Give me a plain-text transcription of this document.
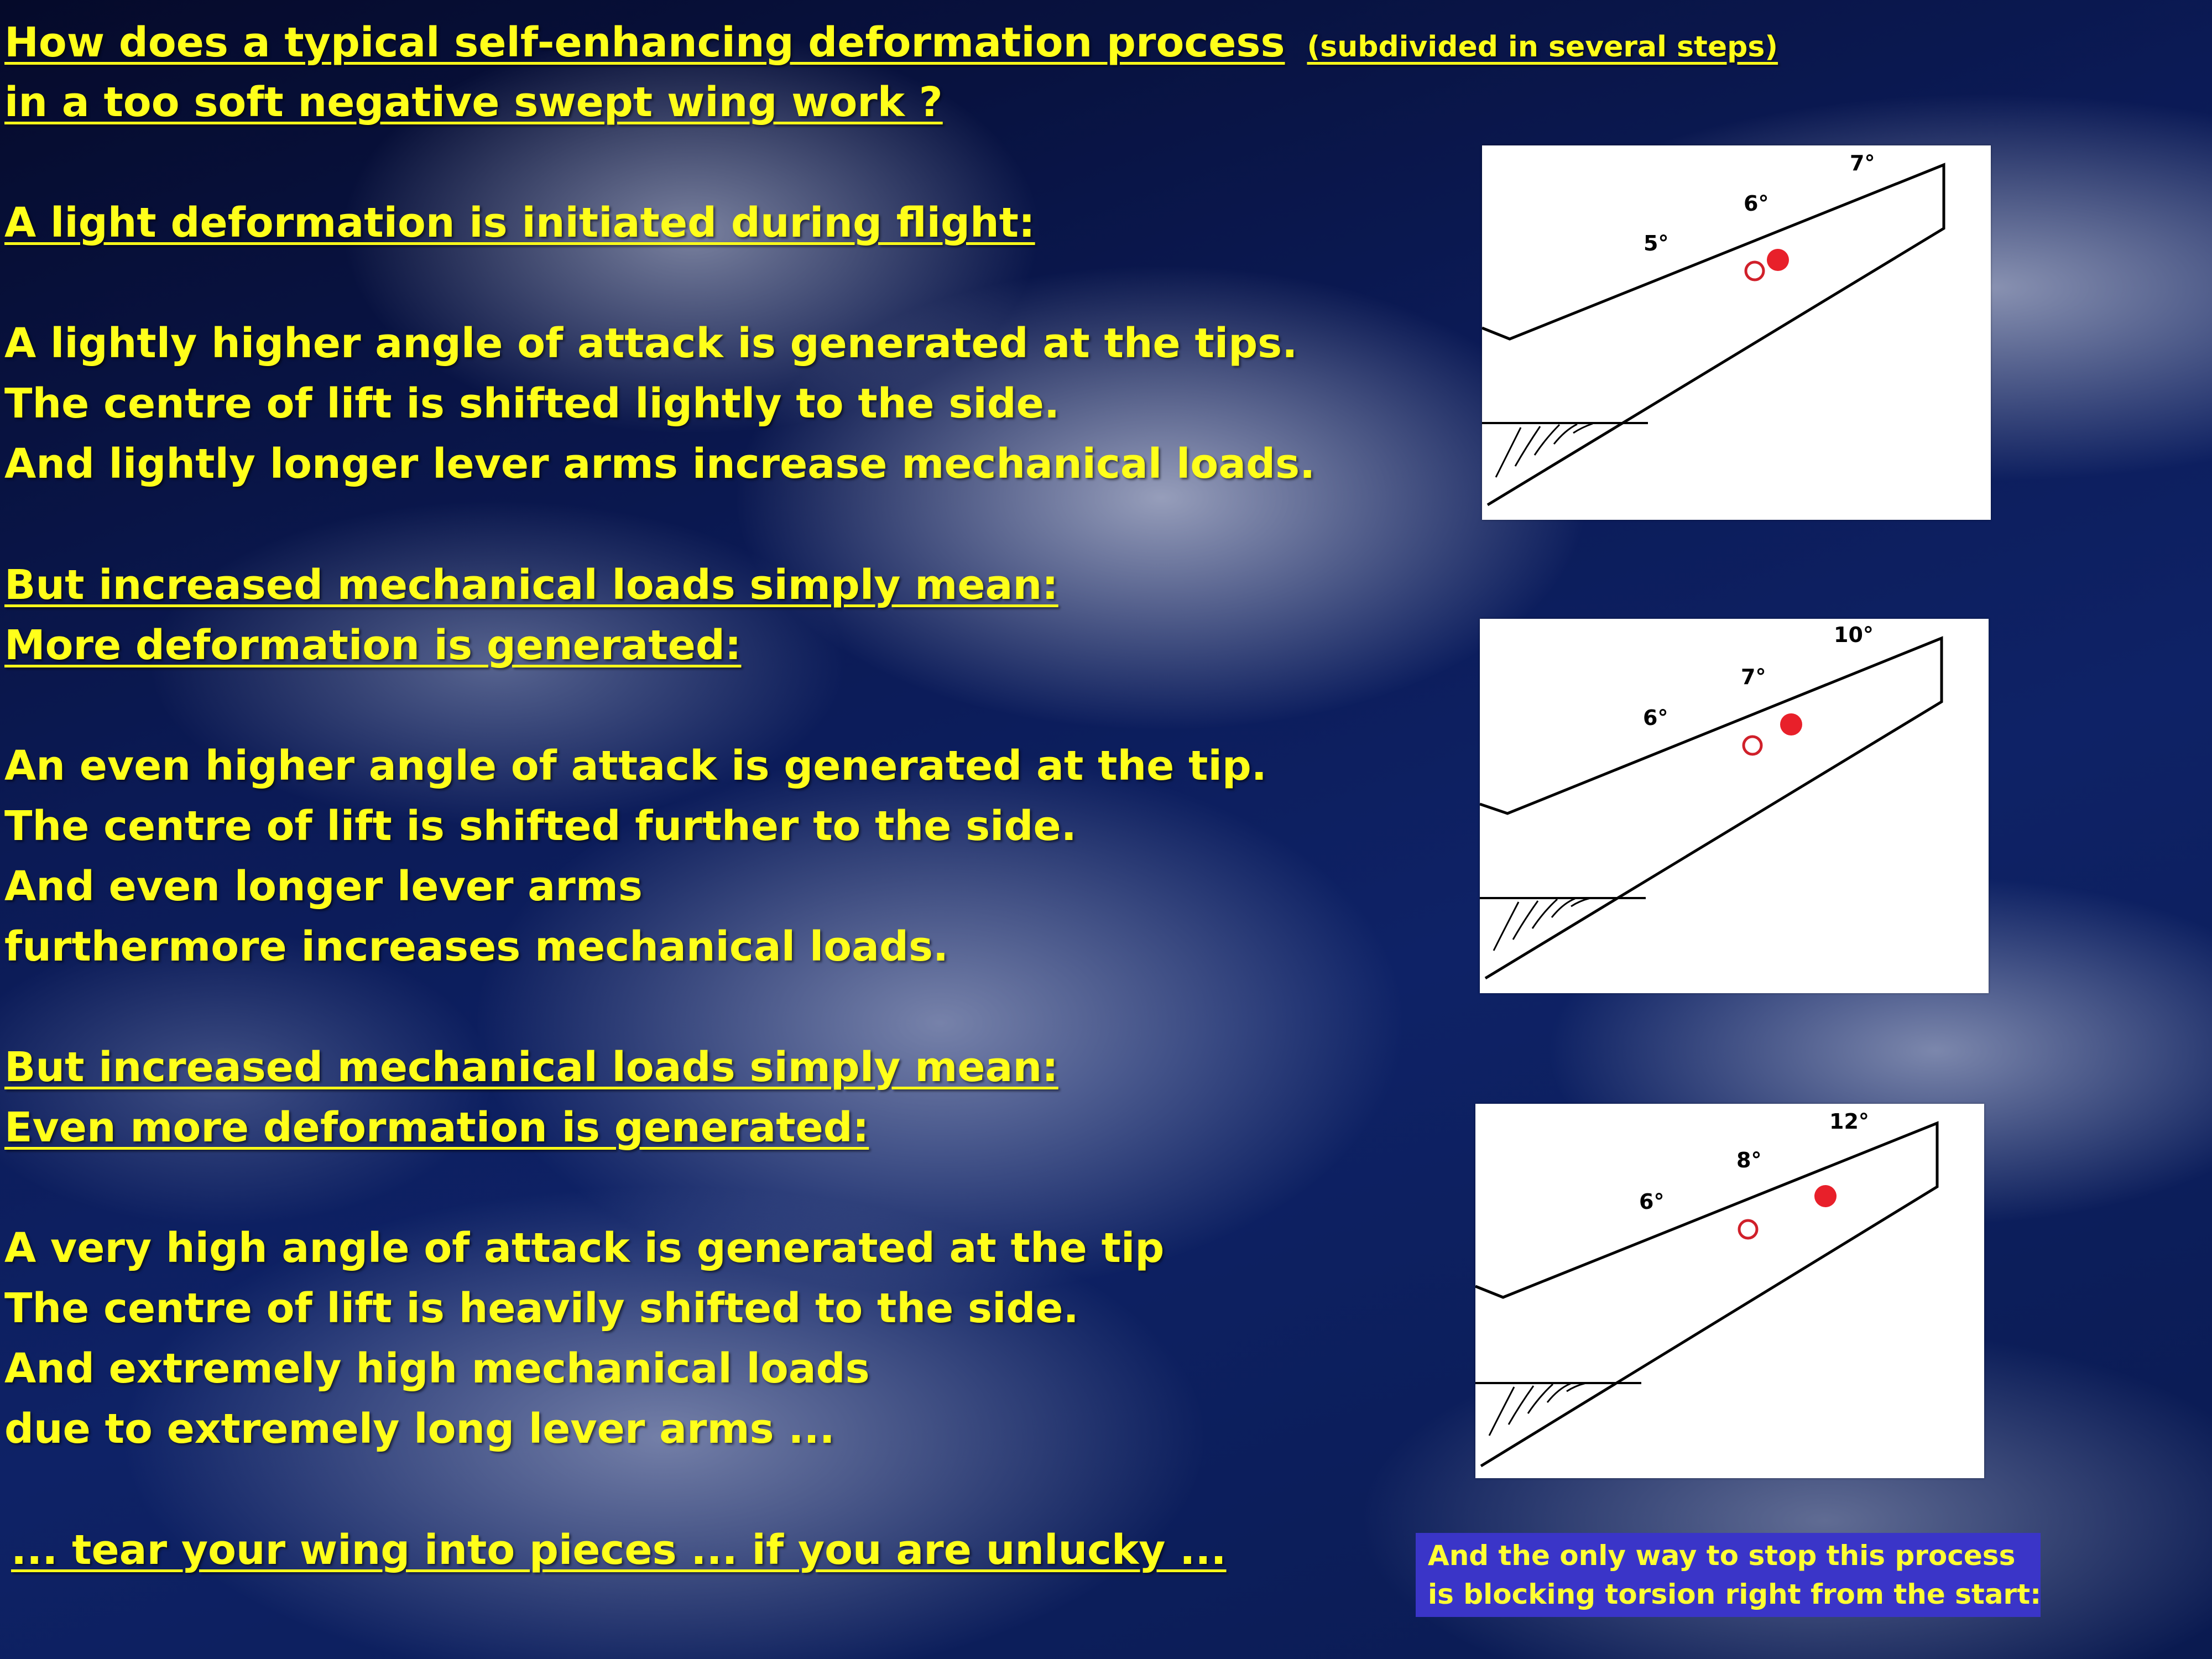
How does a typical self-enhancing deformation process (subdivided in several steps)
in a too soft negative swept wing work ?
A light deformation is initiated during flight:
A lightly higher angle of attack is generated at the tips.
The centre of lift is shifted lightly to the side.
And lightly longer lever arms increase mechanical loads.
But increased mechanical loads simply mean:
More deformation is generated:
An even higher angle of attack is generated at the tip.
The centre of lift is shifted further to the side.
And even longer lever arms
furthermore increases mechanical loads.
But increased mechanical loads simply mean:
Even more deformation is generated:
A very high angle of attack is generated at the tip
The centre of lift is heavily shifted to the side.
And extremely high mechanical loads
due to extremely long lever arms ...
... tear your wing into pieces ... if you are unlucky ...
5°
6°
7°
6°
7°
10°
6°
8°
12°
And the only way to stop this process
is blocking torsion right from the start:
